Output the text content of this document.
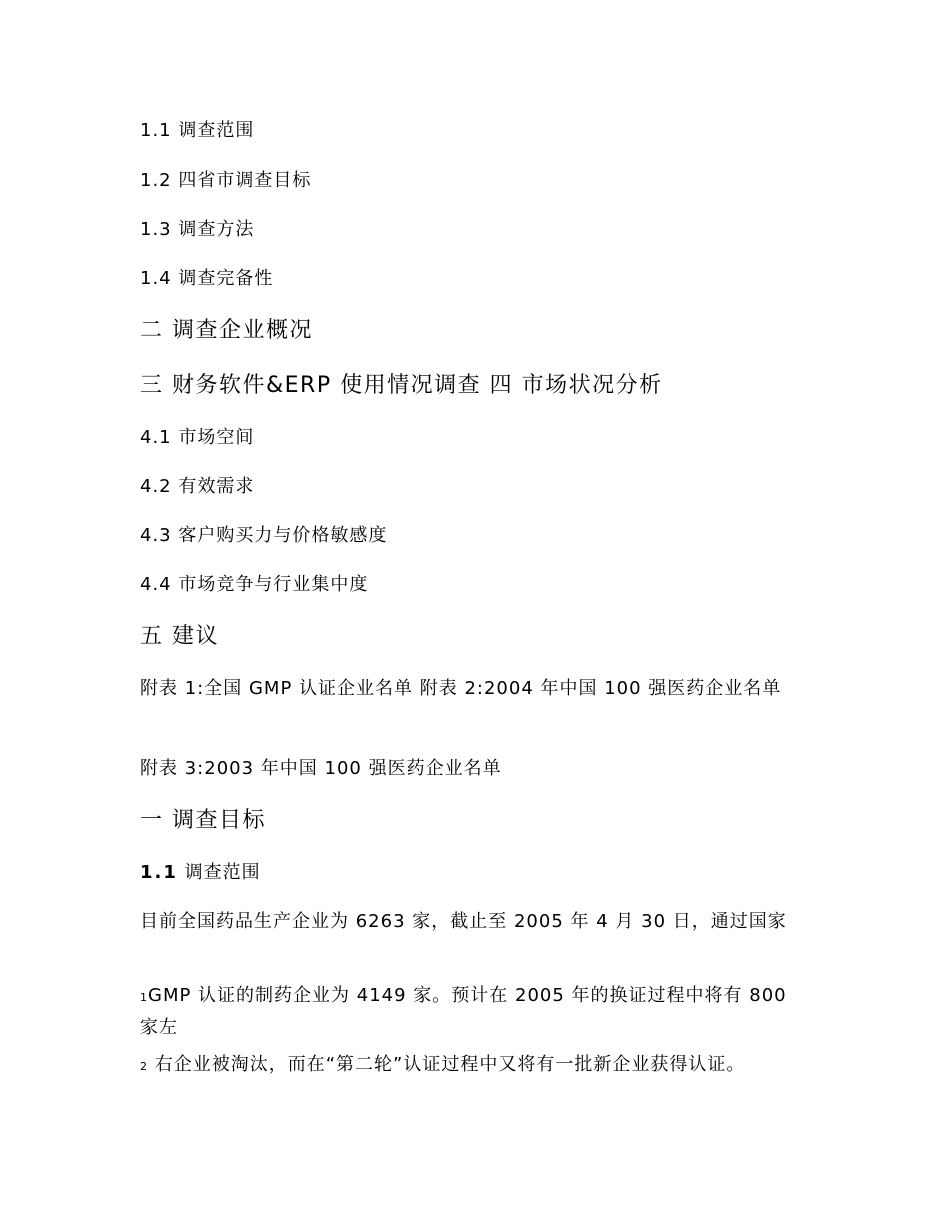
1.1 调查范围
1.2 四省市调查目标
1.3 调查方法
1.4 调查完备性
二 调查企业概况
三 财务软件&ERP 使用情况调查 四 市场状况分析
4.1 市场空间
4.2 有效需求
4.3 客户购买力与价格敏感度
4.4 市场竞争与行业集中度
五 建议
附表 1:全国 GMP 认证企业名单 附表 2:2004 年中国 100 强医药企业名单
附表 3:2003 年中国 100 强医药企业名单
一 调查目标
1.1 调查范围
目前全国药品生产企业为 6263 家，截止至 2005 年 4 月 30 日，通过国家
1GMP 认证的制药企业为 4149 家。预计在 2005 年的换证过程中将有 800 家左
2 右企业被淘汰，而在“第二轮”认证过程中又将有一批新企业获得认证。
